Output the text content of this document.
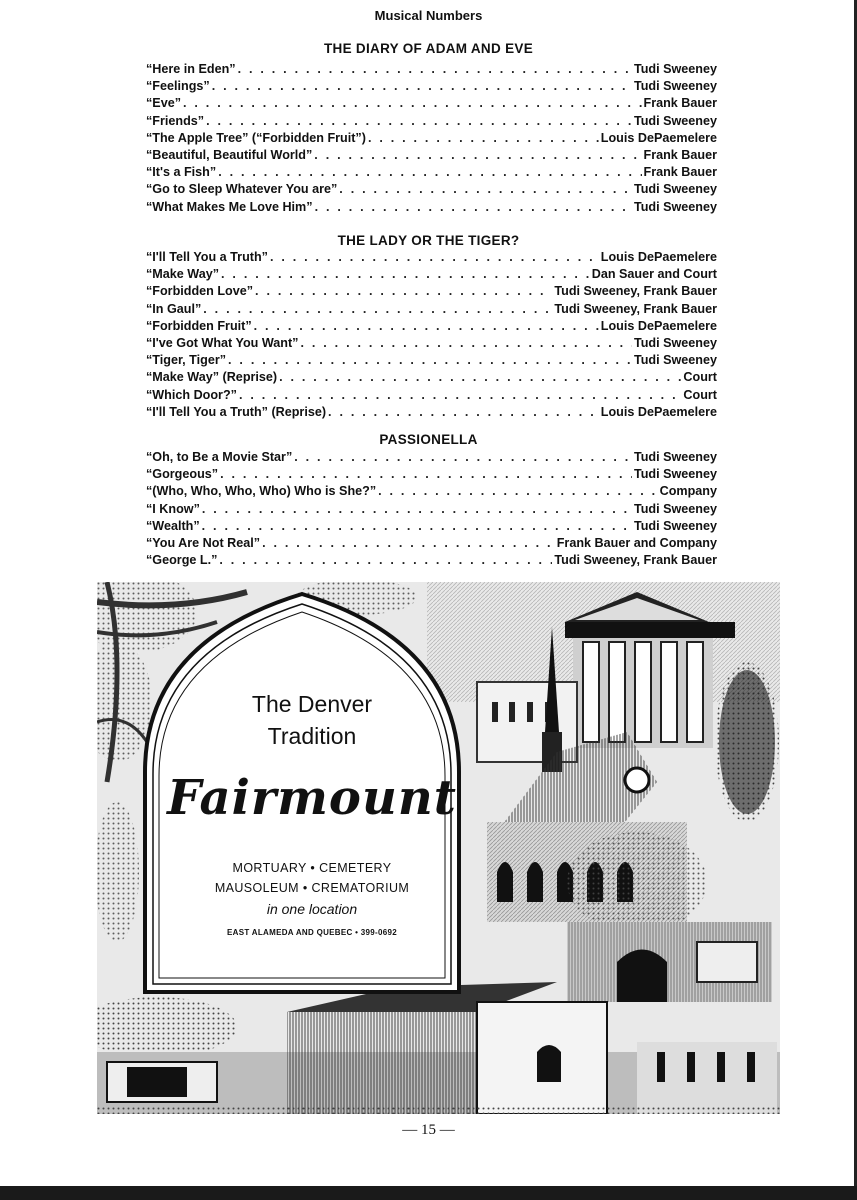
Musical Numbers
THE DIARY OF ADAM AND EVE
“Here in Eden” . . .	Tudi Sweeney
“Feelings” . . .	Tudi Sweeney
“Eve” . . .	Frank Bauer
“Friends” . . .	Tudi Sweeney
“The Apple Tree” (“Forbidden Fruit”) . . .	Louis DePaemelere
“Beautiful, Beautiful World” . . .	Frank Bauer
“It's a Fish” . . .	Frank Bauer
“Go to Sleep Whatever You are” . . .	Tudi Sweeney
“What Makes Me Love Him” . . .	Tudi Sweeney
THE LADY OR THE TIGER?
“I'll Tell You a Truth” . . .	Louis DePaemelere
“Make Way” . . .	Dan Sauer and Court
“Forbidden Love” . . .	Tudi Sweeney, Frank Bauer
“In Gaul” . . .	Tudi Sweeney, Frank Bauer
“Forbidden Fruit” . . .	Louis DePaemelere
“I've Got What You Want” . . .	Tudi Sweeney
“Tiger, Tiger” . . .	Tudi Sweeney
“Make Way” (Reprise) . . .	Court
“Which Door?” . . .	Court
“I'll Tell You a Truth” (Reprise) . . .	Louis DePaemelere
PASSIONELLA
“Oh, to Be a Movie Star” . . .	Tudi Sweeney
“Gorgeous” . . .	Tudi Sweeney
“(Who, Who, Who, Who) Who is She?” . . .	Company
“I Know” . . .	Tudi Sweeney
“Wealth” . . .	Tudi Sweeney
“You Are Not Real” . . .	Frank Bauer and Company
“George L.” . . .	Tudi Sweeney, Frank Bauer
The Denver
Tradition
Fairmount
MORTUARY • CEMETERY
MAUSOLEUM • CREMATORIUM
in one location
EAST ALAMEDA AND QUEBEC • 399-0692
— 15 —
